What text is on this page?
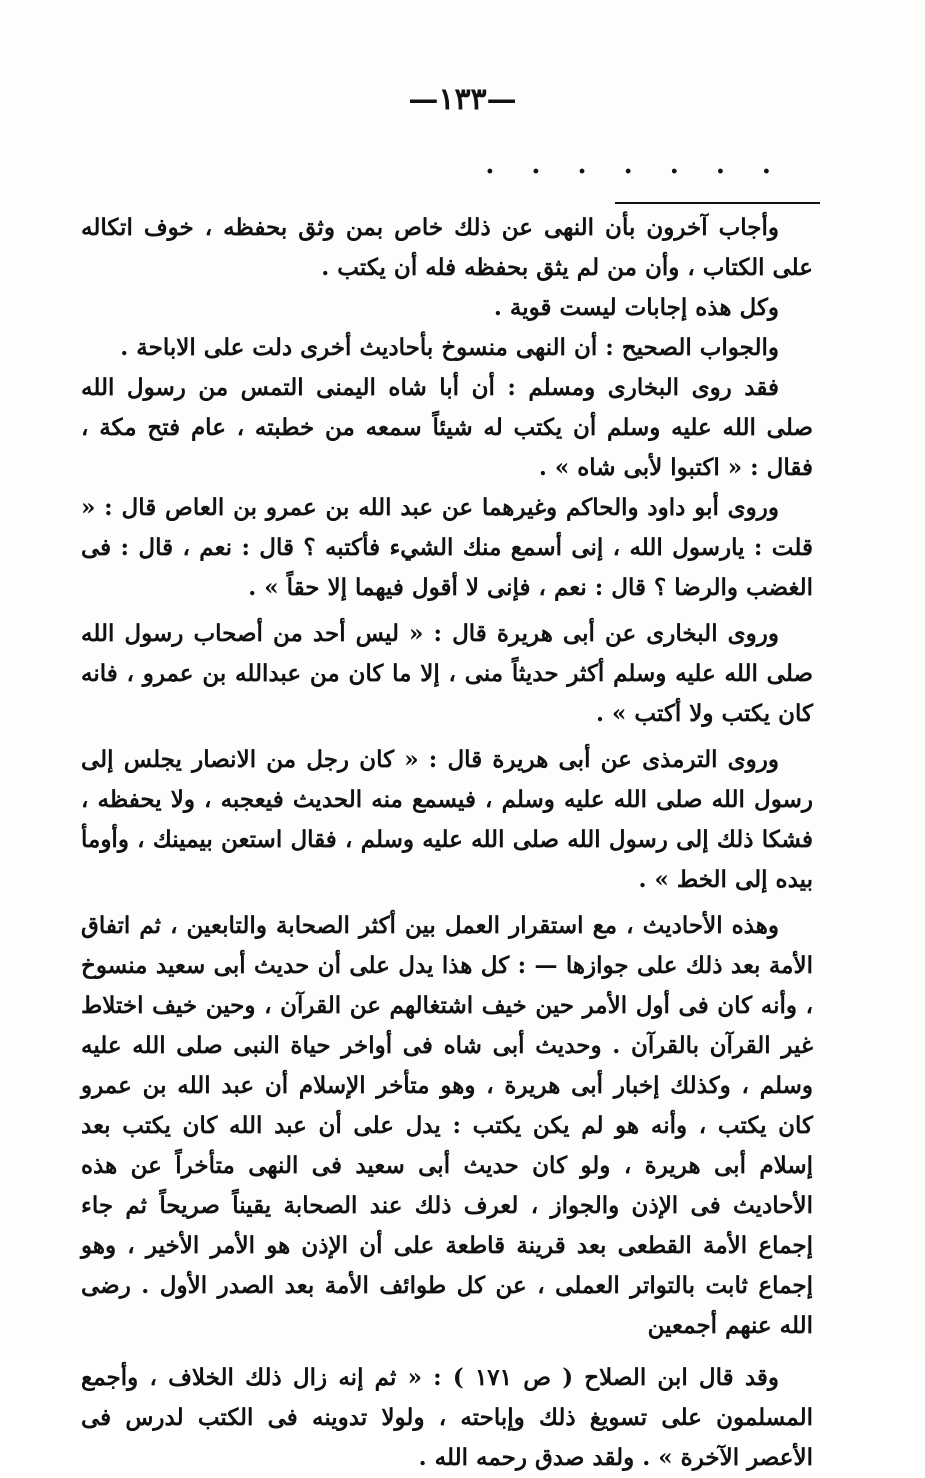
—١٣٣—
. . . . . . .

وأجاب آخرون بأن النهى عن ذلك خاص بمن وثق بحفظه ، خوف اتكاله على الكتاب ، وأن من لم يثق بحفظه فله أن يكتب .

وكل هذه إجابات ليست قوية .

والجواب الصحيح : أن النهى منسوخ بأحاديث أخرى دلت على الاباحة .

فقد روى البخارى ومسلم : أن أبا شاه اليمنى التمس من رسول الله صلى الله عليه وسلم أن يكتب له شيئاً سمعه من خطبته ، عام فتح مكة ، فقال : « اكتبوا لأبى شاه » .

وروى أبو داود والحاكم وغيرهما عن عبد الله بن عمرو بن العاص قال : « قلت : يارسول الله ، إنى أسمع منك الشيء فأكتبه ؟ قال : نعم ، قال : فى الغضب والرضا ؟ قال : نعم ، فإنى لا أقول فيهما إلا حقاً » .

وروى البخارى عن أبى هريرة قال : « ليس أحد من أصحاب رسول الله صلى الله عليه وسلم أكثر حديثاً منى ، إلا ما كان من عبدالله بن عمرو ، فانه كان يكتب ولا أكتب » .

وروى الترمذى عن أبى هريرة قال : « كان رجل من الانصار يجلس إلى رسول الله صلى الله عليه وسلم ، فيسمع منه الحديث فيعجبه ، ولا يحفظه ، فشكا ذلك إلى رسول الله صلى الله عليه وسلم ، فقال استعن بيمينك ، وأومأ بيده إلى الخط » .

وهذه الأحاديث ، مع استقرار العمل بين أكثر الصحابة والتابعين ، ثم اتفاق الأمة بعد ذلك على جوازها — : كل هذا يدل على أن حديث أبى سعيد منسوخ ، وأنه كان فى أول الأمر حين خيف اشتغالهم عن القرآن ، وحين خيف اختلاط غير القرآن بالقرآن . وحديث أبى شاه فى أواخر حياة النبى صلى الله عليه وسلم ، وكذلك إخبار أبى هريرة ، وهو متأخر الإسلام أن عبد الله بن عمرو كان يكتب ، وأنه هو لم يكن يكتب : يدل على أن عبد الله كان يكتب بعد إسلام أبى هريرة ، ولو كان حديث أبى سعيد فى النهى متأخراً عن هذه الأحاديث فى الإذن والجواز ، لعرف ذلك عند الصحابة يقيناً صريحاً ثم جاء إجماع الأمة القطعى بعد قرينة قاطعة على أن الإذن هو الأمر الأخير ، وهو إجماع ثابت بالتواتر العملى ، عن كل طوائف الأمة بعد الصدر الأول . رضى الله عنهم أجمعين

وقد قال ابن الصلاح ( ص ١٧١ ) : « ثم إنه زال ذلك الخلاف ، وأجمع المسلمون على تسويغ ذلك وإباحته ، ولولا تدوينه فى الكتب لدرس فى الأعصر الآخرة » . ولقد صدق رحمه الله .
